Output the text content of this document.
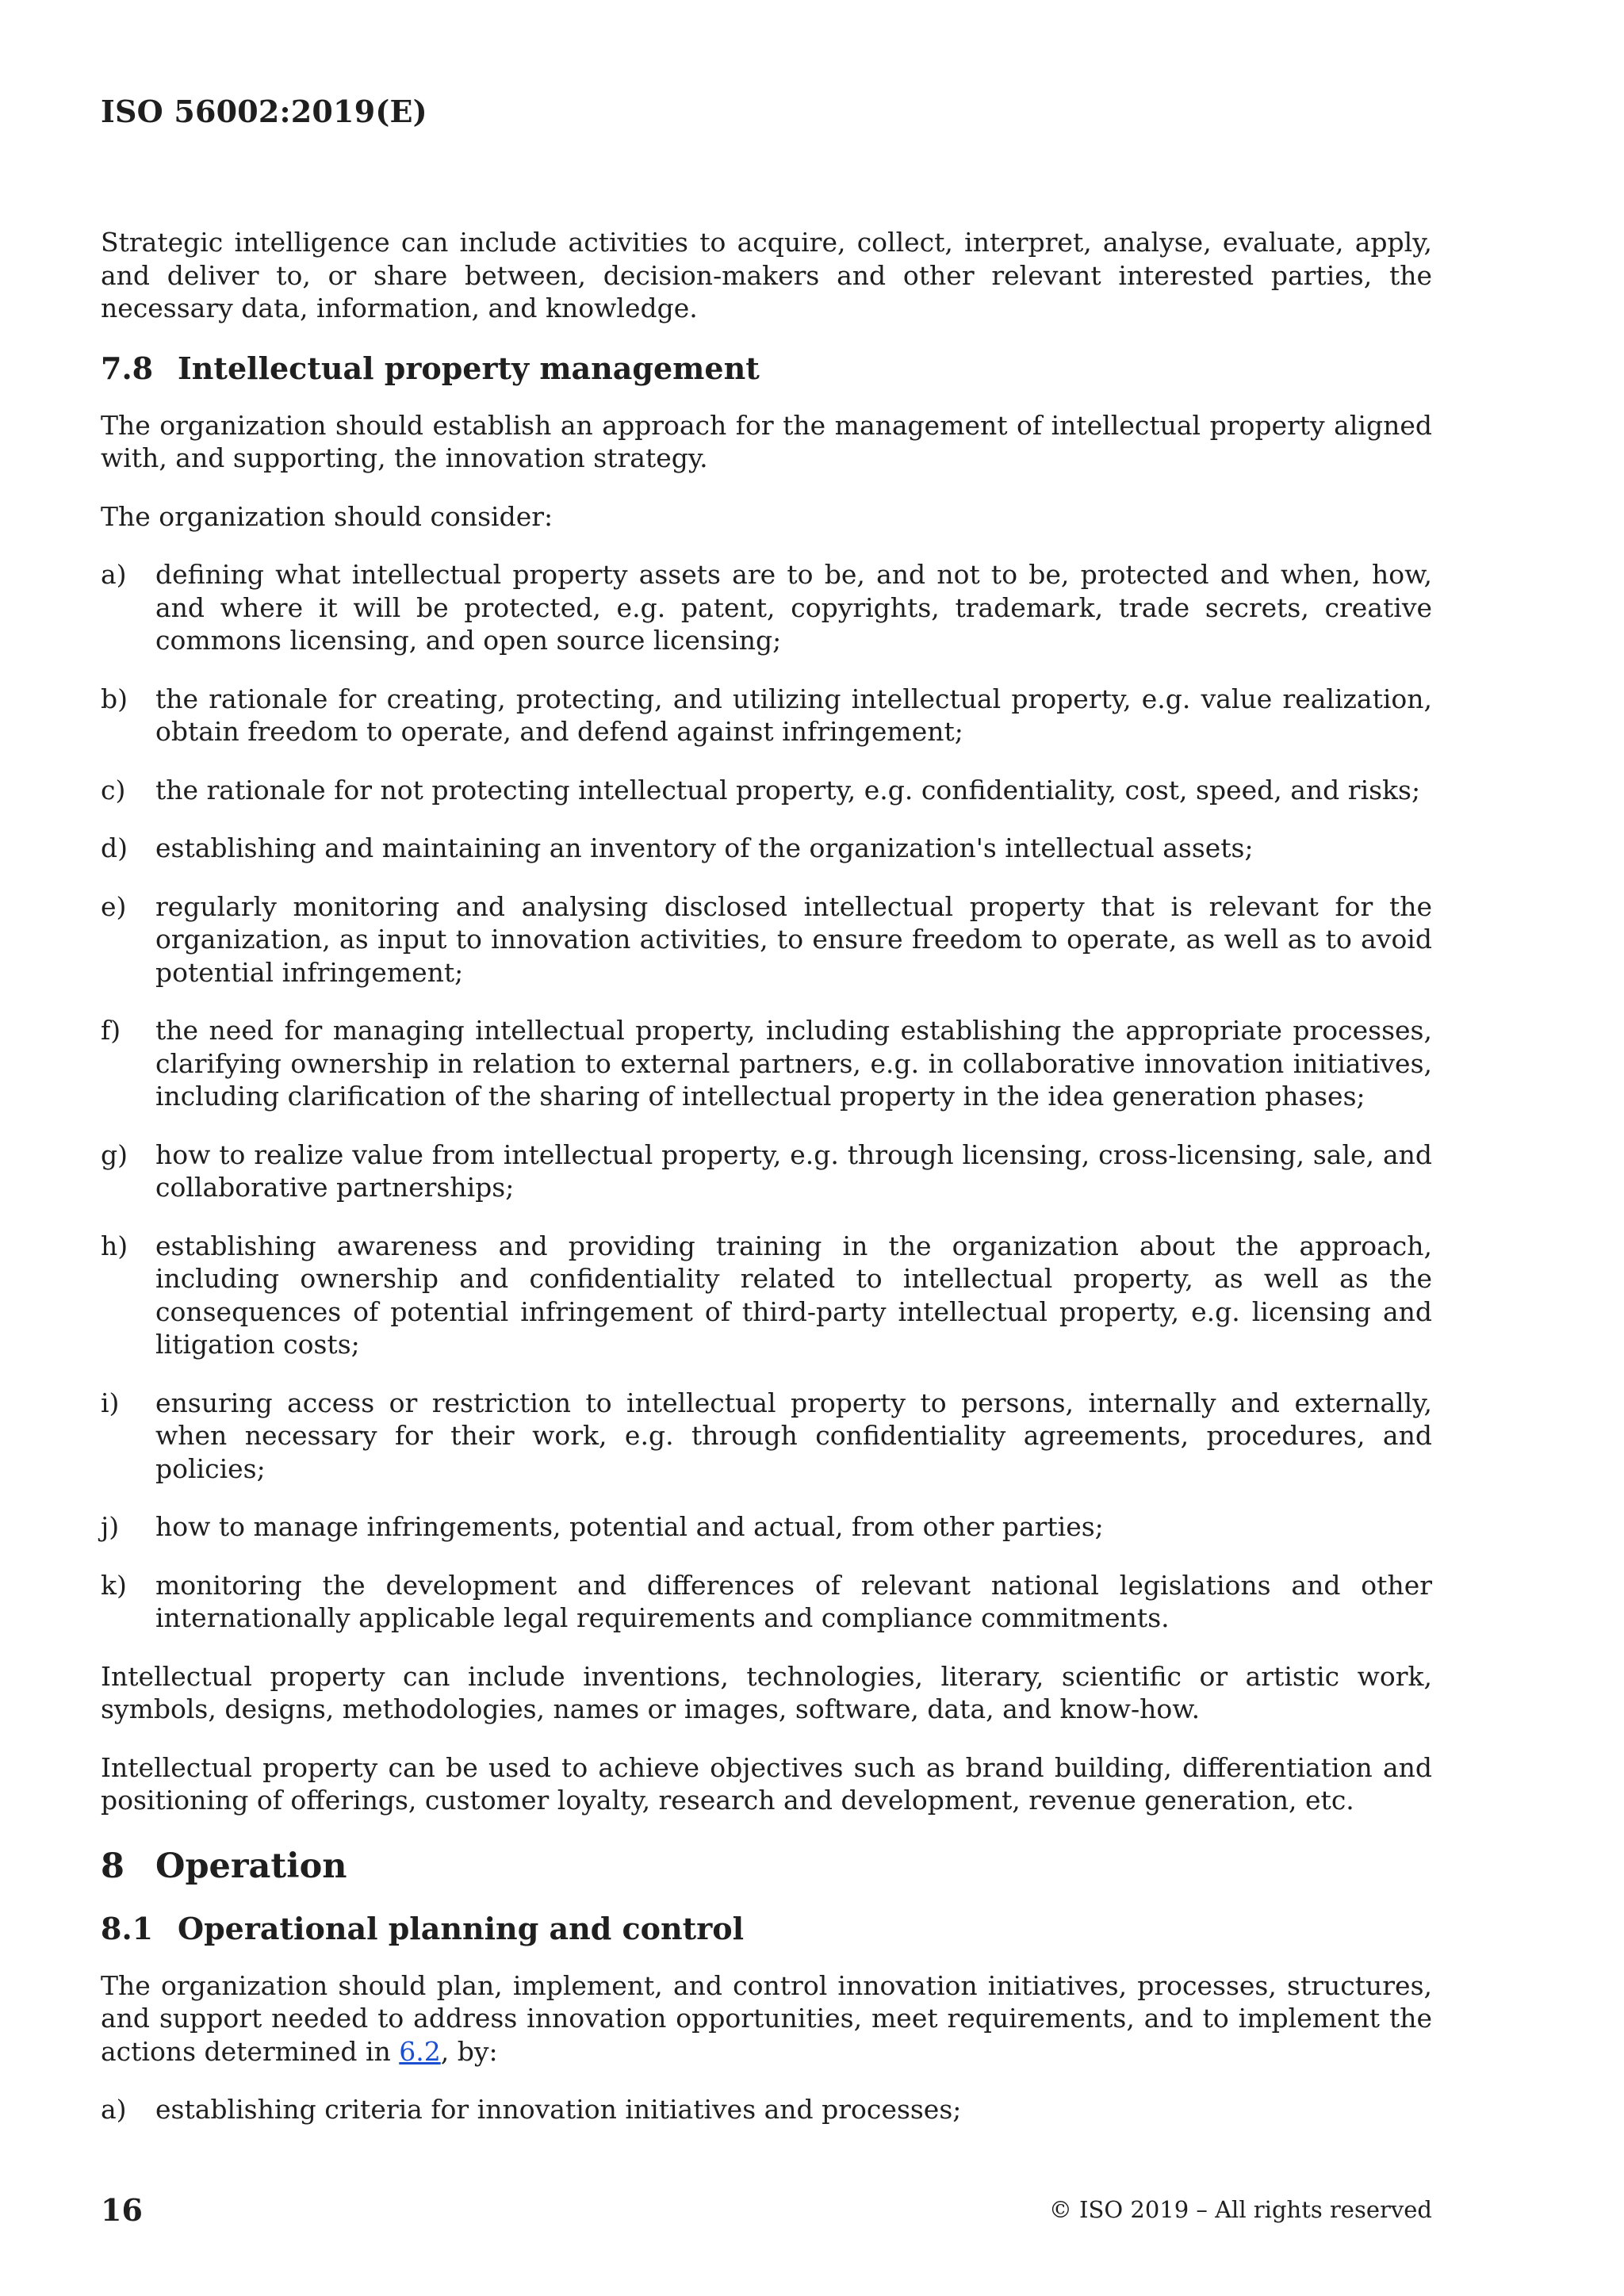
ISO 56002:2019(E)

Strategic intelligence can include activities to acquire, collect, interpret, analyse, evaluate, apply, and deliver to, or share between, decision-makers and other relevant interested parties, the necessary data, information, and knowledge.

7.8 Intellectual property management

The organization should establish an approach for the management of intellectual property aligned with, and supporting, the innovation strategy.

The organization should consider:

a) defining what intellectual property assets are to be, and not to be, protected and when, how, and where it will be protected, e.g. patent, copyrights, trademark, trade secrets, creative commons licensing, and open source licensing;

b) the rationale for creating, protecting, and utilizing intellectual property, e.g. value realization, obtain freedom to operate, and defend against infringement;

c) the rationale for not protecting intellectual property, e.g. confidentiality, cost, speed, and risks;

d) establishing and maintaining an inventory of the organization's intellectual assets;

e) regularly monitoring and analysing disclosed intellectual property that is relevant for the organization, as input to innovation activities, to ensure freedom to operate, as well as to avoid potential infringement;

f) the need for managing intellectual property, including establishing the appropriate processes, clarifying ownership in relation to external partners, e.g. in collaborative innovation initiatives, including clarification of the sharing of intellectual property in the idea generation phases;

g) how to realize value from intellectual property, e.g. through licensing, cross-licensing, sale, and collaborative partnerships;

h) establishing awareness and providing training in the organization about the approach, including ownership and confidentiality related to intellectual property, as well as the consequences of potential infringement of third-party intellectual property, e.g. licensing and litigation costs;

i) ensuring access or restriction to intellectual property to persons, internally and externally, when necessary for their work, e.g. through confidentiality agreements, procedures, and policies;

j) how to manage infringements, potential and actual, from other parties;

k) monitoring the development and differences of relevant national legislations and other internationally applicable legal requirements and compliance commitments.

Intellectual property can include inventions, technologies, literary, scientific or artistic work, symbols, designs, methodologies, names or images, software, data, and know-how.

Intellectual property can be used to achieve objectives such as brand building, differentiation and positioning of offerings, customer loyalty, research and development, revenue generation, etc.

8 Operation
8.1 Operational planning and control

The organization should plan, implement, and control innovation initiatives, processes, structures, and support needed to address innovation opportunities, meet requirements, and to implement the actions determined in 6.2, by:

a) establishing criteria for innovation initiatives and processes;

16	© ISO 2019 – All rights reserved
